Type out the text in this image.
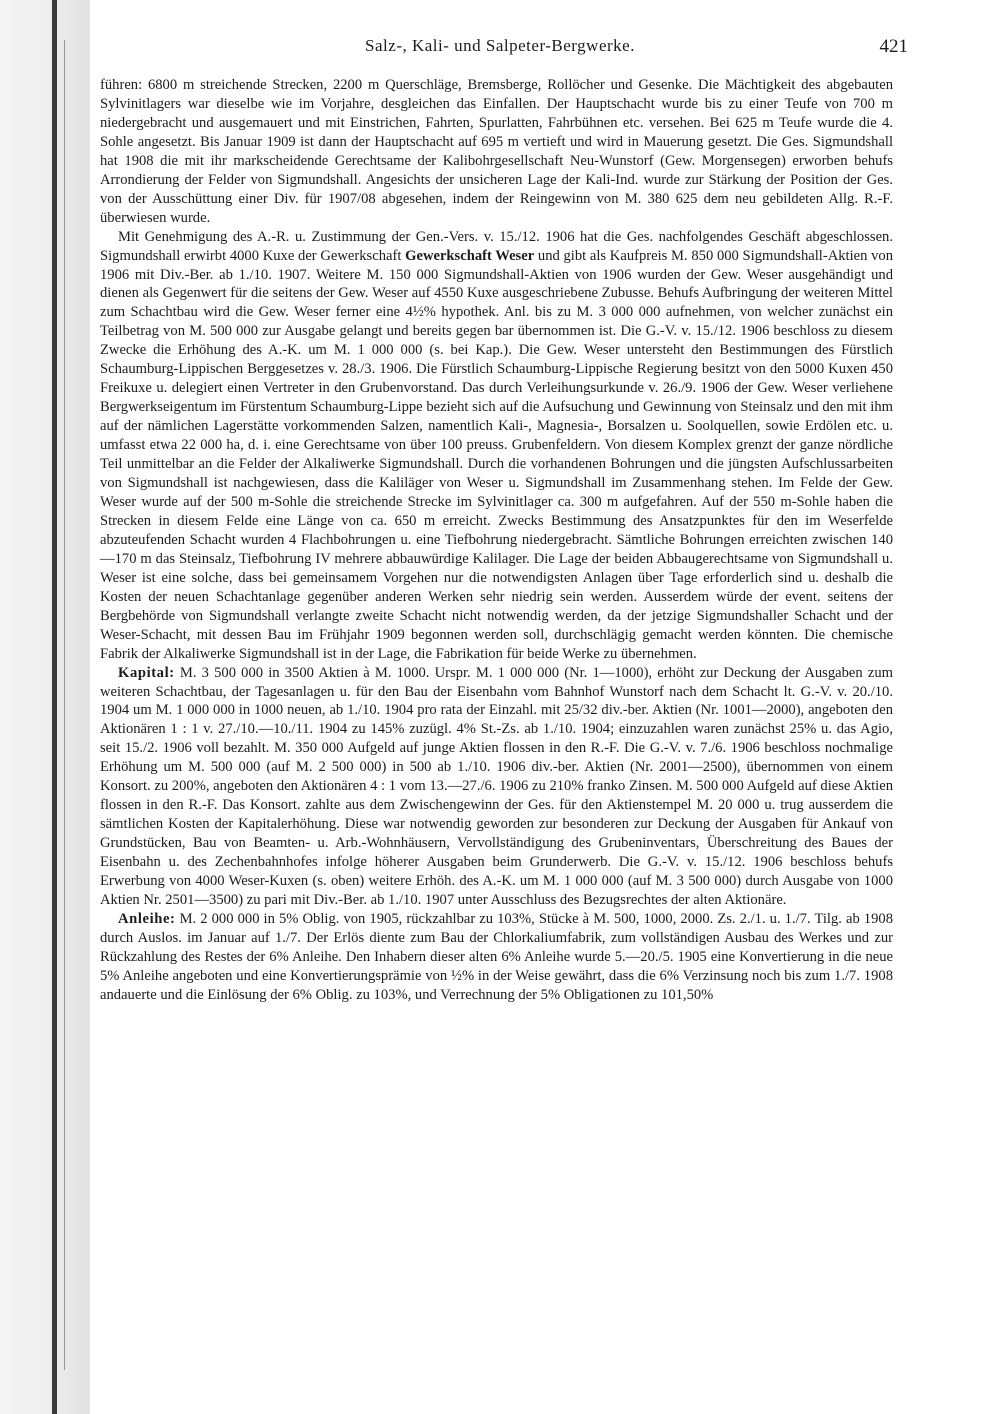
Salz-, Kali- und Salpeter-Bergwerke.	421

führen: 6800 m streichende Strecken, 2200 m Querschläge, Bremsberge, Rollöcher und Gesenke. Die Mächtigkeit des abgebauten Sylvinitlagers war dieselbe wie im Vorjahre, desgleichen das Einfallen. Der Hauptschacht wurde bis zu einer Teufe von 700 m niedergebracht und ausgemauert und mit Einstrichen, Fahrten, Spurlatten, Fahrbühnen etc. versehen. Bei 625 m Teufe wurde die 4. Sohle angesetzt. Bis Januar 1909 ist dann der Hauptschacht auf 695 m vertieft und wird in Mauerung gesetzt. Die Ges. Sigmundshall hat 1908 die mit ihr markscheidende Gerechtsame der Kalibohrgesellschaft Neu-Wunstorf (Gew. Morgensegen) erworben behufs Arrondierung der Felder von Sigmundshall. Angesichts der unsicheren Lage der Kali-Ind. wurde zur Stärkung der Position der Ges. von der Ausschüttung einer Div. für 1907/08 abgesehen, indem der Reingewinn von M. 380 625 dem neu gebildeten Allg. R.-F. überwiesen wurde.

Mit Genehmigung des A.-R. u. Zustimmung der Gen.-Vers. v. 15./12. 1906 hat die Ges. nachfolgendes Geschäft abgeschlossen. Sigmundshall erwirbt 4000 Kuxe der Gewerkschaft Gewerkschaft Weser und gibt als Kaufpreis M. 850 000 Sigmundshall-Aktien von 1906 mit Div.-Ber. ab 1./10. 1907. Weitere M. 150 000 Sigmundshall-Aktien von 1906 wurden der Gew. Weser ausgehändigt und dienen als Gegenwert für die seitens der Gew. Weser auf 4550 Kuxe ausgeschriebene Zubusse. Behufs Aufbringung der weiteren Mittel zum Schachtbau wird die Gew. Weser ferner eine 4½% hypothek. Anl. bis zu M. 3 000 000 aufnehmen, von welcher zunächst ein Teilbetrag von M. 500 000 zur Ausgabe gelangt und bereits gegen bar übernommen ist. Die G.-V. v. 15./12. 1906 beschloss zu diesem Zwecke die Erhöhung des A.-K. um M. 1 000 000 (s. bei Kap.). Die Gew. Weser untersteht den Bestimmungen des Fürstlich Schaumburg-Lippischen Berggesetzes v. 28./3. 1906. Die Fürstlich Schaumburg-Lippische Regierung besitzt von den 5000 Kuxen 450 Freikuxe u. delegiert einen Vertreter in den Grubenvorstand. Das durch Verleihungsurkunde v. 26./9. 1906 der Gew. Weser verliehene Bergwerkseigentum im Fürstentum Schaumburg-Lippe bezieht sich auf die Aufsuchung und Gewinnung von Steinsalz und den mit ihm auf der nämlichen Lagerstätte vorkommenden Salzen, namentlich Kali-, Magnesia-, Borsalzen u. Soolquellen, sowie Erdölen etc. u. umfasst etwa 22 000 ha, d. i. eine Gerechtsame von über 100 preuss. Grubenfeldern. Von diesem Komplex grenzt der ganze nördliche Teil unmittelbar an die Felder der Alkaliwerke Sigmundshall. Durch die vorhandenen Bohrungen und die jüngsten Aufschlussarbeiten von Sigmundshall ist nachgewiesen, dass die Kaliläger von Weser u. Sigmundshall im Zusammenhang stehen. Im Felde der Gew. Weser wurde auf der 500 m-Sohle die streichende Strecke im Sylvinitlager ca. 300 m aufgefahren. Auf der 550 m-Sohle haben die Strecken in diesem Felde eine Länge von ca. 650 m erreicht. Zwecks Bestimmung des Ansatzpunktes für den im Weserfelde abzuteufenden Schacht wurden 4 Flachbohrungen u. eine Tiefbohrung niedergebracht. Sämtliche Bohrungen erreichten zwischen 140—170 m das Steinsalz, Tiefbohrung IV mehrere abbauwürdige Kalilager. Die Lage der beiden Abbaugerechtsame von Sigmundshall u. Weser ist eine solche, dass bei gemeinsamem Vorgehen nur die notwendigsten Anlagen über Tage erforderlich sind u. deshalb die Kosten der neuen Schachtanlage gegenüber anderen Werken sehr niedrig sein werden. Ausserdem würde der event. seitens der Bergbehörde von Sigmundshall verlangte zweite Schacht nicht notwendig werden, da der jetzige Sigmundshaller Schacht und der Weser-Schacht, mit dessen Bau im Frühjahr 1909 begonnen werden soll, durchschlägig gemacht werden könnten. Die chemische Fabrik der Alkaliwerke Sigmundshall ist in der Lage, die Fabrikation für beide Werke zu übernehmen.

Kapital: M. 3 500 000 in 3500 Aktien à M. 1000. Urspr. M. 1 000 000 (Nr. 1—1000), erhöht zur Deckung der Ausgaben zum weiteren Schachtbau, der Tagesanlagen u. für den Bau der Eisenbahn vom Bahnhof Wunstorf nach dem Schacht lt. G.-V. v. 20./10. 1904 um M. 1 000 000 in 1000 neuen, ab 1./10. 1904 pro rata der Einzahl. mit 25/32 div.-ber. Aktien (Nr. 1001—2000), angeboten den Aktionären 1 : 1 v. 27./10.—10./11. 1904 zu 145% zuzügl. 4% St.-Zs. ab 1./10. 1904; einzuzahlen waren zunächst 25% u. das Agio, seit 15./2. 1906 voll bezahlt. M. 350 000 Aufgeld auf junge Aktien flossen in den R.-F. Die G.-V. v. 7./6. 1906 beschloss nochmalige Erhöhung um M. 500 000 (auf M. 2 500 000) in 500 ab 1./10. 1906 div.-ber. Aktien (Nr. 2001—2500), übernommen von einem Konsort. zu 200%, angeboten den Aktionären 4 : 1 vom 13.—27./6. 1906 zu 210% franko Zinsen. M. 500 000 Aufgeld auf diese Aktien flossen in den R.-F. Das Konsort. zahlte aus dem Zwischengewinn der Ges. für den Aktienstempel M. 20 000 u. trug ausserdem die sämtlichen Kosten der Kapitalerhöhung. Diese war notwendig geworden zur besonderen zur Deckung der Ausgaben für Ankauf von Grundstücken, Bau von Beamten- u. Arb.-Wohnhäusern, Vervollständigung des Grubeninventars, Überschreitung des Baues der Eisenbahn u. des Zechenbahnhofes infolge höherer Ausgaben beim Grunderwerb. Die G.-V. v. 15./12. 1906 beschloss behufs Erwerbung von 4000 Weser-Kuxen (s. oben) weitere Erhöh. des A.-K. um M. 1 000 000 (auf M. 3 500 000) durch Ausgabe von 1000 Aktien Nr. 2501—3500) zu pari mit Div.-Ber. ab 1./10. 1907 unter Ausschluss des Bezugsrechtes der alten Aktionäre.

Anleihe: M. 2 000 000 in 5% Oblig. von 1905, rückzahlbar zu 103%, Stücke à M. 500, 1000, 2000. Zs. 2./1. u. 1./7. Tilg. ab 1908 durch Auslos. im Januar auf 1./7. Der Erlös diente zum Bau der Chlorkaliumfabrik, zum vollständigen Ausbau des Werkes und zur Rückzahlung des Restes der 6% Anleihe. Den Inhabern dieser alten 6% Anleihe wurde 5.—20./5. 1905 eine Konvertierung in die neue 5% Anleihe angeboten und eine Konvertierungsprämie von ½% in der Weise gewährt, dass die 6% Verzinsung noch bis zum 1./7. 1908 andauerte und die Einlösung der 6% Oblig. zu 103%, und Verrechnung der 5% Obligationen zu 101,50%
